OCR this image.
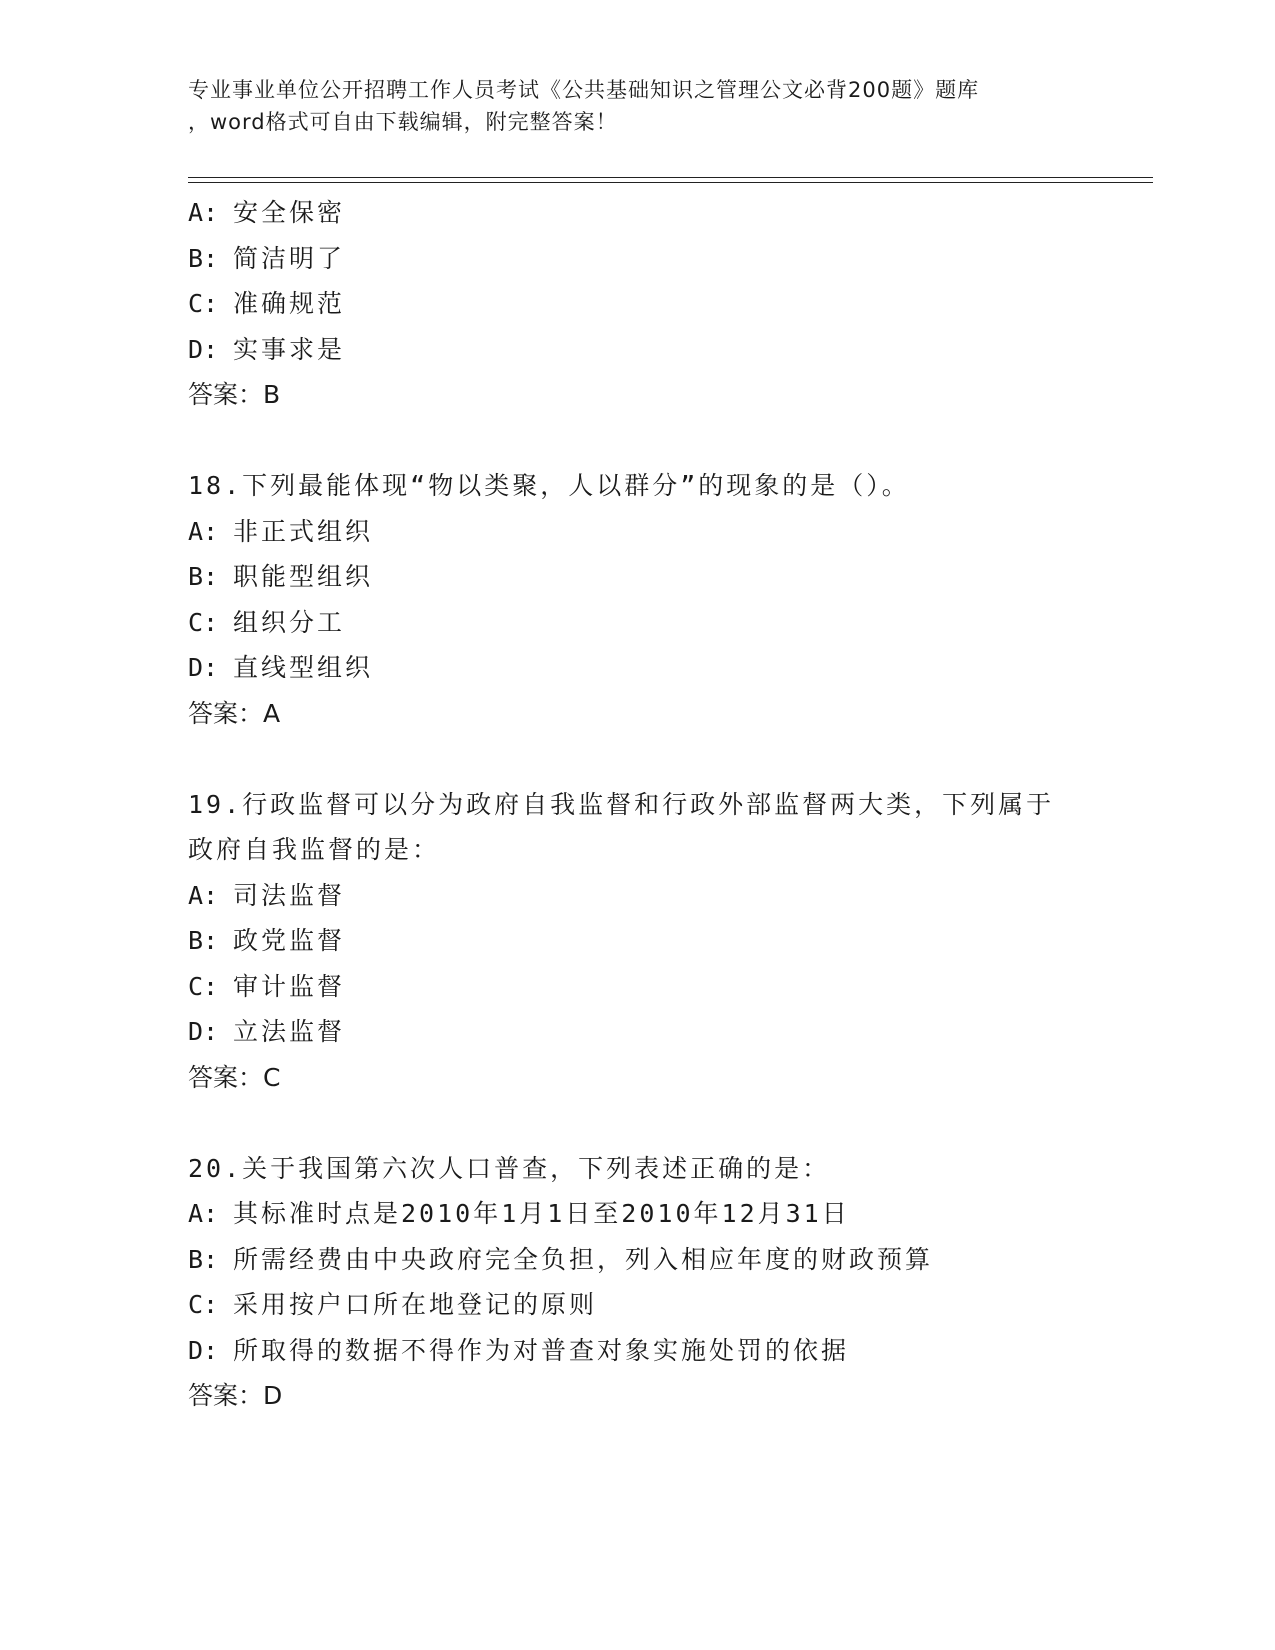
专业事业单位公开招聘工作人员考试《公共基础知识之管理公文必背200题》题库
，word格式可自由下载编辑，附完整答案！
A: 安全保密
B: 简洁明了
C: 准确规范
D: 实事求是
答案：B
18.下列最能体现“物以类聚，人以群分”的现象的是（）。
A: 非正式组织
B: 职能型组织
C: 组织分工
D: 直线型组织
答案：A
19.行政监督可以分为政府自我监督和行政外部监督两大类，下列属于
政府自我监督的是：
A: 司法监督
B: 政党监督
C: 审计监督
D: 立法监督
答案：C
20.关于我国第六次人口普查，下列表述正确的是：
A: 其标准时点是2010年1月1日至2010年12月31日
B: 所需经费由中央政府完全负担，列入相应年度的财政预算
C: 采用按户口所在地登记的原则
D: 所取得的数据不得作为对普查对象实施处罚的依据
答案：D
